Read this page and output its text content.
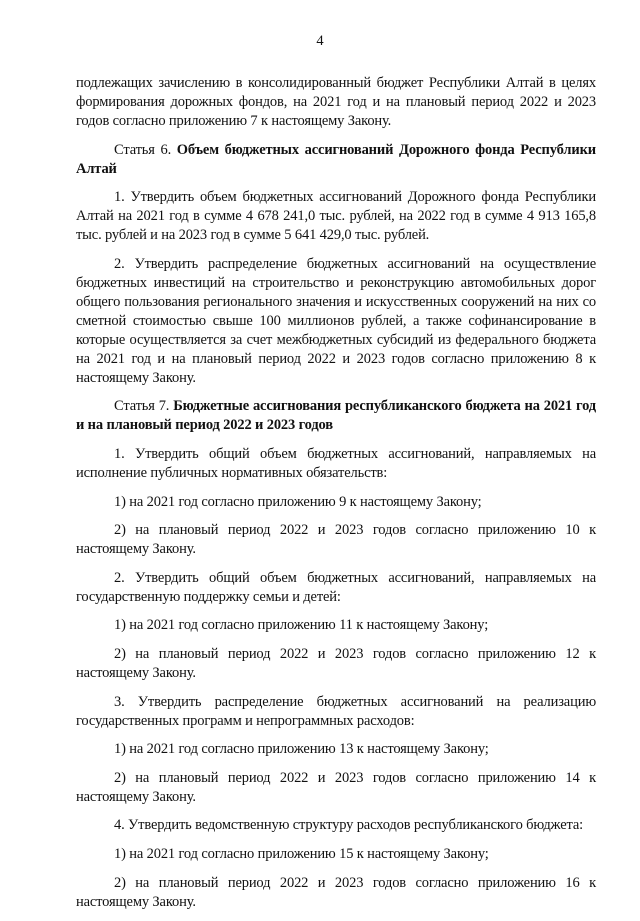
4

подлежащих зачислению в консолидированный бюджет Республики Алтай в целях формирования дорожных фондов, на 2021 год и на плановый период 2022 и 2023 годов согласно приложению 7 к настоящему Закону.

Статья 6. Объем бюджетных ассигнований Дорожного фонда Республики Алтай

1. Утвердить объем бюджетных ассигнований Дорожного фонда Республики Алтай на 2021 год в сумме 4 678 241,0 тыс. рублей, на 2022 год в сумме 4 913 165,8 тыс. рублей и на 2023 год в сумме 5 641 429,0 тыс. рублей.

2. Утвердить распределение бюджетных ассигнований на осуществление бюджетных инвестиций на строительство и реконструкцию автомобильных дорог общего пользования регионального значения и искусственных сооружений на них со сметной стоимостью свыше 100 миллионов рублей, а также софинансирование в которые осуществляется за счет межбюджетных субсидий из федерального бюджета на 2021 год и на плановый период 2022 и 2023 годов согласно приложению 8 к настоящему Закону.

Статья 7. Бюджетные ассигнования республиканского бюджета на 2021 год и на плановый период 2022 и 2023 годов

1. Утвердить общий объем бюджетных ассигнований, направляемых на исполнение публичных нормативных обязательств:

1) на 2021 год согласно приложению 9 к настоящему Закону;

2) на плановый период 2022 и 2023 годов согласно приложению 10 к настоящему Закону.

2. Утвердить общий объем бюджетных ассигнований, направляемых на государственную поддержку семьи и детей:

1) на 2021 год согласно приложению 11 к настоящему Закону;

2) на плановый период 2022 и 2023 годов согласно приложению 12 к настоящему Закону.

3. Утвердить распределение бюджетных ассигнований на реализацию государственных программ и непрограммных расходов:

1) на 2021 год согласно приложению 13 к настоящему Закону;

2) на плановый период 2022 и 2023 годов согласно приложению 14 к настоящему Закону.

4. Утвердить ведомственную структуру расходов республиканского бюджета:

1) на 2021 год согласно приложению 15 к настоящему Закону;

2) на плановый период 2022 и 2023 годов согласно приложению 16 к настоящему Закону.
